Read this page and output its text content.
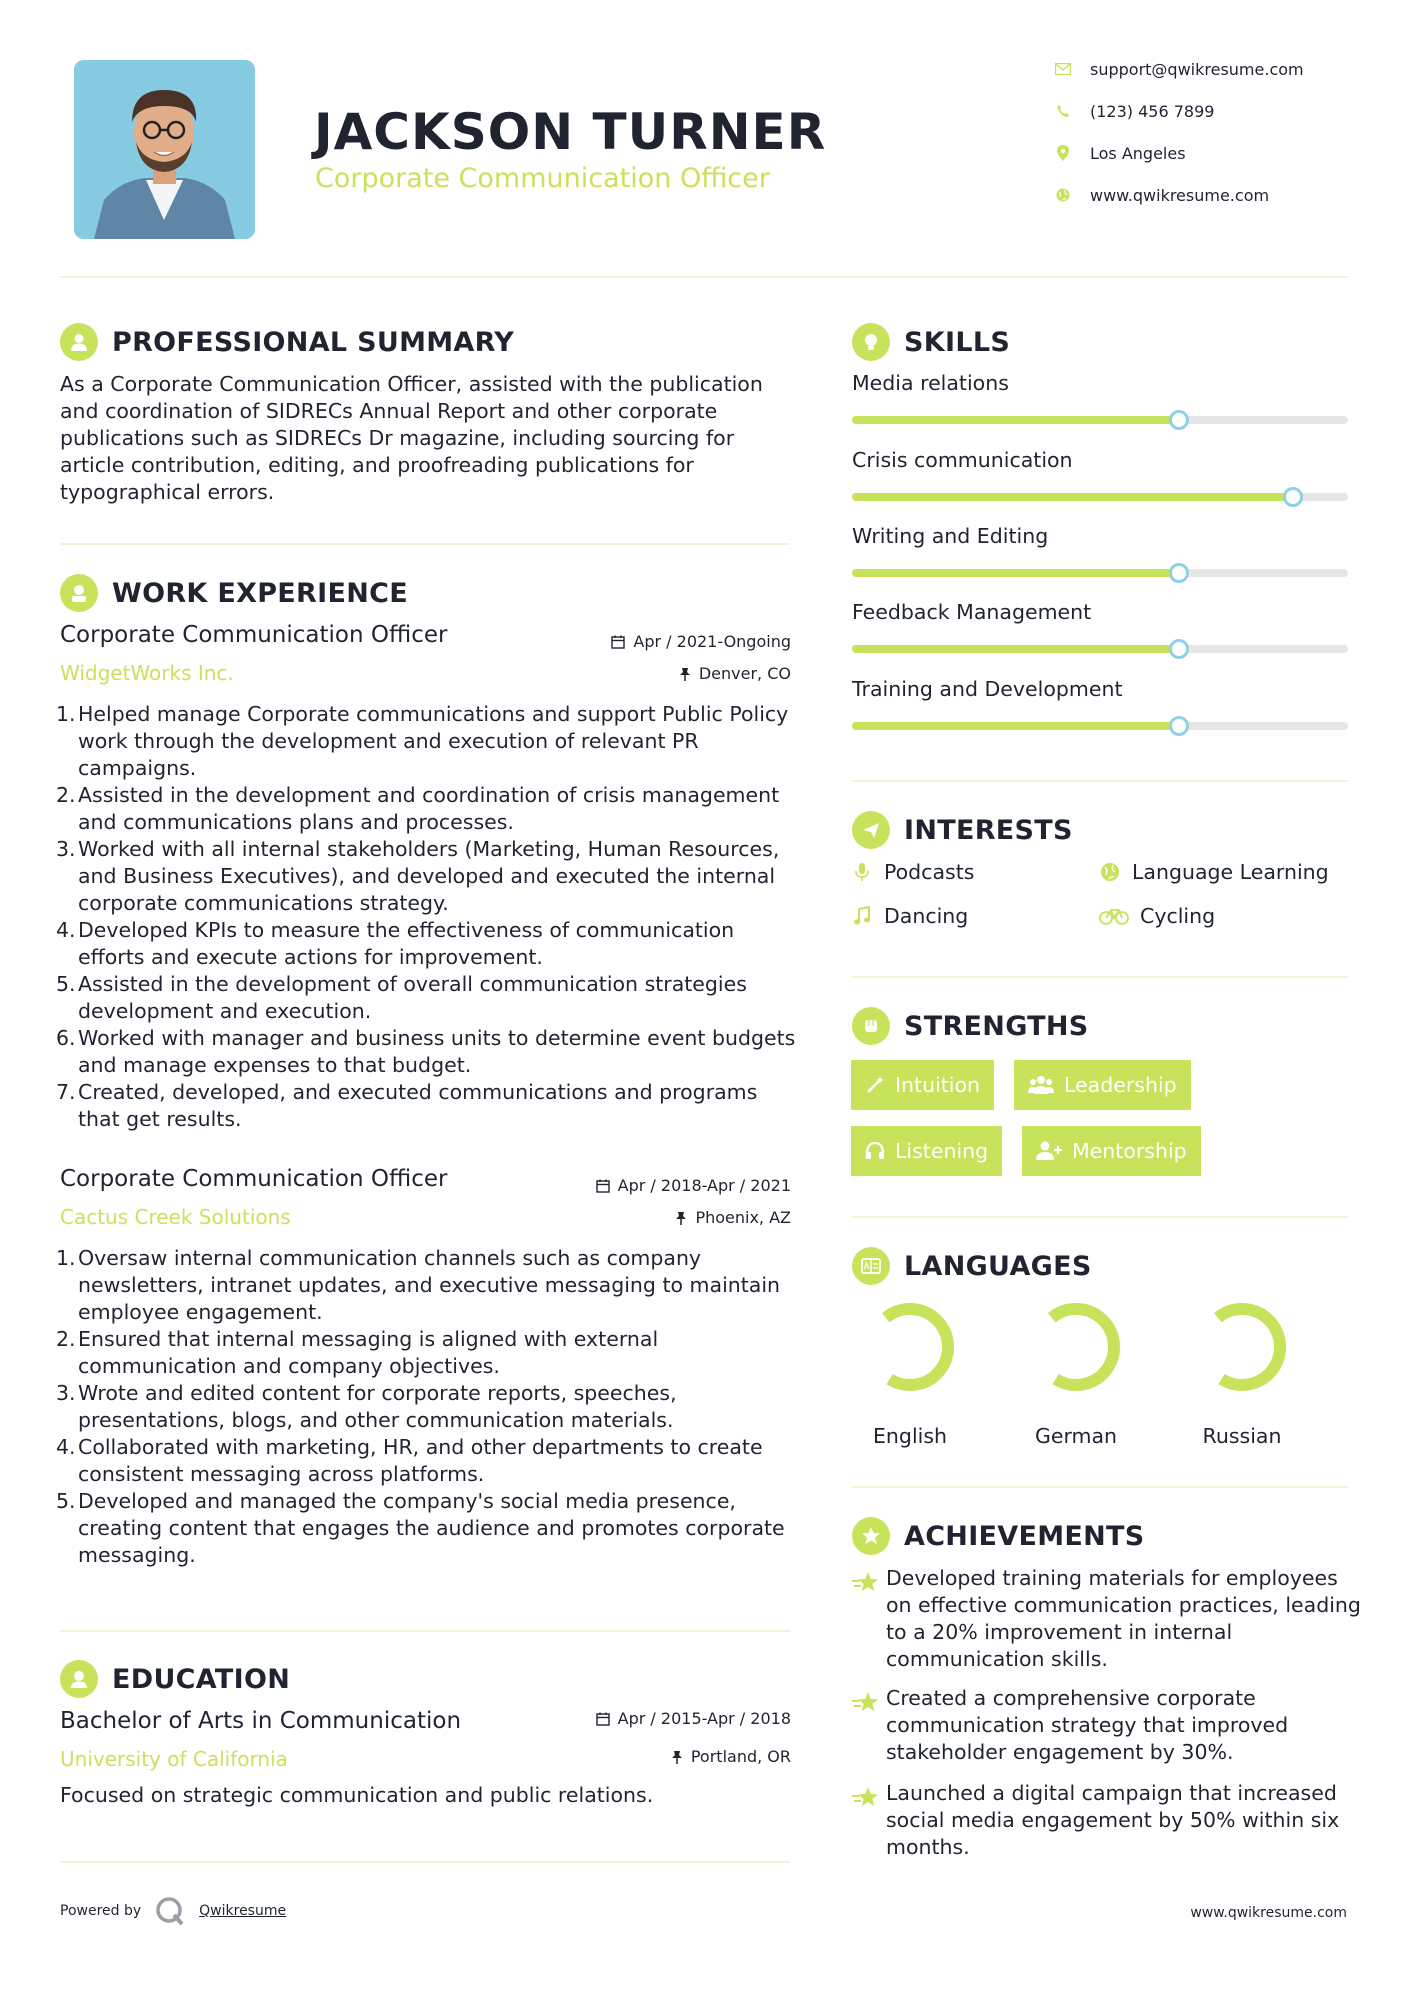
JACKSON TURNER
Corporate Communication Officer
support@qwikresume.com
(123) 456 7899
Los Angeles
www.qwikresume.com
PROFESSIONAL SUMMARY
As a Corporate Communication Officer, assisted with the publication and coordination of SIDRECs Annual Report and other corporate publications such as SIDRECs Dr magazine, including sourcing for article contribution, editing, and proofreading publications for typographical errors.
WORK EXPERIENCE
Corporate Communication Officer
WidgetWorks Inc.
Apr / 2021-Ongoing
Denver, CO
1. Helped manage Corporate communications and support Public Policy work through the development and execution of relevant PR campaigns.
2. Assisted in the development and coordination of crisis management and communications plans and processes.
3. Worked with all internal stakeholders (Marketing, Human Resources, and Business Executives), and developed and executed the internal corporate communications strategy.
4. Developed KPIs to measure the effectiveness of communication efforts and execute actions for improvement.
5. Assisted in the development of overall communication strategies development and execution.
6. Worked with manager and business units to determine event budgets and manage expenses to that budget.
7. Created, developed, and executed communications and programs that get results.
Corporate Communication Officer
Cactus Creek Solutions
Apr / 2018-Apr / 2021
Phoenix, AZ
1. Oversaw internal communication channels such as company newsletters, intranet updates, and executive messaging to maintain employee engagement.
2. Ensured that internal messaging is aligned with external communication and company objectives.
3. Wrote and edited content for corporate reports, speeches, presentations, blogs, and other communication materials.
4. Collaborated with marketing, HR, and other departments to create consistent messaging across platforms.
5. Developed and managed the company's social media presence, creating content that engages the audience and promotes corporate messaging.
EDUCATION
Bachelor of Arts in Communication
University of California
Apr / 2015-Apr / 2018
Portland, OR
Focused on strategic communication and public relations.
SKILLS
Media relations
Crisis communication
Writing and Editing
Feedback Management
Training and Development
INTERESTS
Podcasts	Language Learning
Dancing	Cycling
STRENGTHS
Intuition	Leadership
Listening	Mentorship
LANGUAGES
English	German	Russian
ACHIEVEMENTS
Developed training materials for employees on effective communication practices, leading to a 20% improvement in internal communication skills.
Created a comprehensive corporate communication strategy that improved stakeholder engagement by 30%.
Launched a digital campaign that increased social media engagement by 50% within six months.
Powered by	Qwikresume	www.qwikresume.com
